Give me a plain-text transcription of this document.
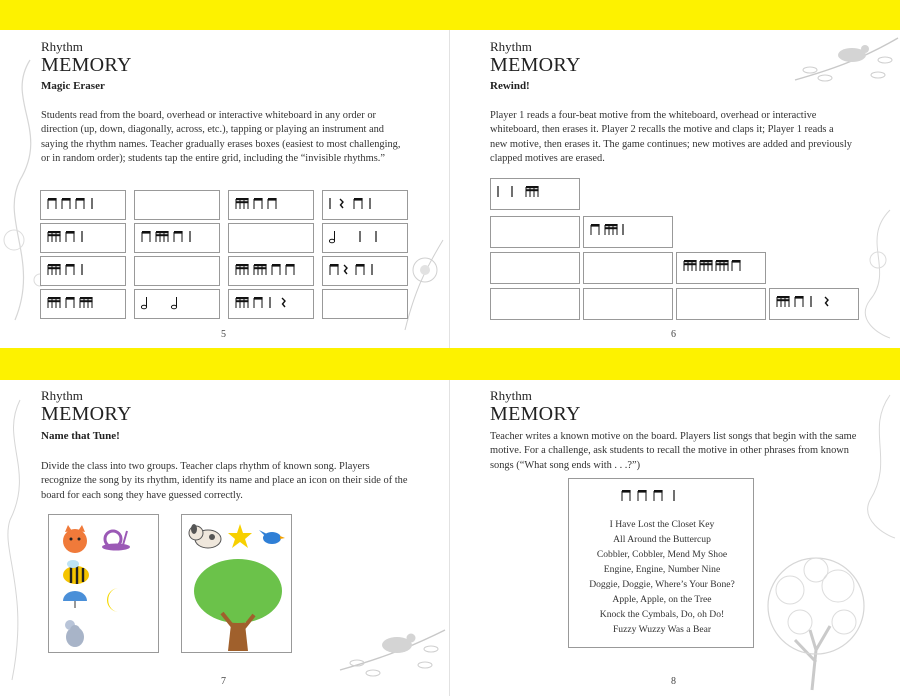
Rhythm
MEMORY
Magic Eraser
Students read from the board, overhead or interactive whiteboard in any order or direction (up, down, diagonally, across, etc.), tapping or playing an instrument and saying the rhythm names. Teacher gradually erases boxes (easiest to most challenging, or in random order); students tap the entire grid, including the “invisible rhythms.”
5
Rhythm
MEMORY
Rewind!
Player 1 reads a four-beat motive from the whiteboard, overhead or interactive whiteboard, then erases it. Player 2 recalls the motive and claps it; Player 1 reads a new motive, then erases it. The game continues; new motives are added and previously clapped motives are erased.
6
Rhythm
MEMORY
Name that Tune!
Divide the class into two groups. Teacher claps rhythm of known song. Players recognize the song by its rhythm, identify its name and place an icon on their side of the board for each song they have guessed correctly.
7
Rhythm
MEMORY
Teacher writes a known motive on the board. Players list songs that begin with the same motive. For a challenge, ask students to recall the motive in other phrases from known songs (“What song ends with . . .?”)
I Have Lost the Closet Key
All Around the Buttercup
Cobbler, Cobbler, Mend My Shoe
Engine, Engine, Number Nine
Doggie, Doggie, Where’s Your Bone?
Apple, Apple, on the Tree
Knock the Cymbals, Do, oh Do!
Fuzzy Wuzzy Was a Bear
8
